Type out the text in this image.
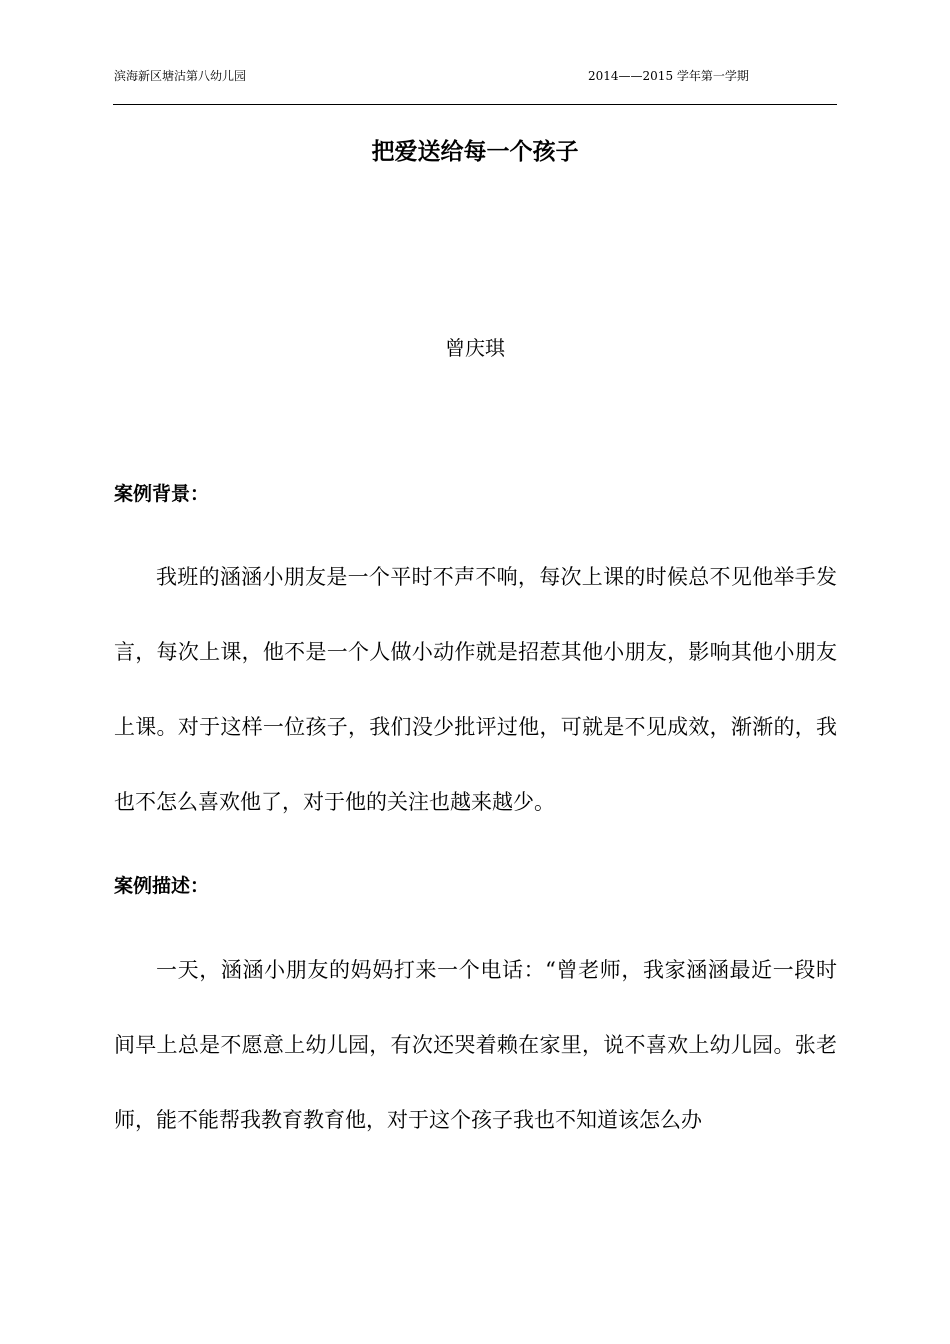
滨海新区塘沽第八幼儿园	2014——2015 学年第一学期
把爱送给每一个孩子
曾庆琪
案例背景：

我班的涵涵小朋友是一个平时不声不响，每次上课的时候总不见他举手发言，每次上课，他不是一个人做小动作就是招惹其他小朋友，影响其他小朋友上课。对于这样一位孩子，我们没少批评过他，可就是不见成效，渐渐的，我也不怎么喜欢他了，对于他的关注也越来越少。

案例描述：

一天，涵涵小朋友的妈妈打来一个电话：“曾老师，我家涵涵最近一段时间早上总是不愿意上幼儿园，有次还哭着赖在家里，说不喜欢上幼儿园。张老师，能不能帮我教育教育他，对于这个孩子我也不知道该怎么办
